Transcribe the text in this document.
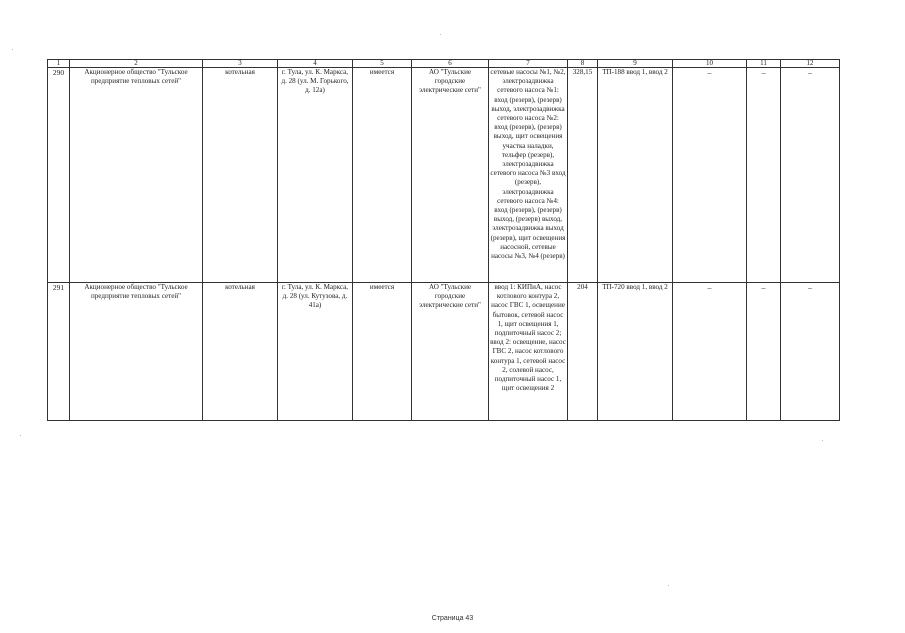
1	2	3	4	5	6	7	8	9	10	11	12
290	Акционерное общество "Тульское предприятие тепловых сетей"	котельная	г. Тула, ул. К. Маркса, д. 28 (ул. М. Горького, д. 12а)	имеется	АО "Тульские городские электрические сети"	сетевые насосы №1, №2, электрозадвижка сетевого насоса №1: вход (резерв), (резерв) выход, электрозадвижка сетевого насоса №2: вход (резерв), (резерв) выход, щит освещения участка наладки, тельфер (резерв), электрозадвижка сетевого насоса №3 вход (резерв), электрозадвижка сетевого насоса №4: вход (резерв), (резерв) выход, (резерв) выход, электрозадвижка выход (резерв), щит освещения насосной, сетевые насосы №3, №4 (резерв)	328,15	ТП-188 ввод 1, ввод 2	–	–	–
291	Акционерное общество "Тульское предприятие тепловых сетей"	котельная	г. Тула, ул. К. Маркса, д. 28 (ул. Кутузова, д. 41а)	имеется	АО "Тульские городские электрические сети"	ввод 1: КИПиА, насос котлового контура 2, насос ГВС 1, освещение бытовок, сетевой насос 1, щит освещения 1, подпиточный насос 2; ввод 2: освещение, насос ГВС 2, насос котлового контура 1, сетевой насос 2, солевой насос, подпиточный насос 1, щит освещения 2	204	ТП-720 ввод 1, ввод 2	–	–	–
Страница 43
